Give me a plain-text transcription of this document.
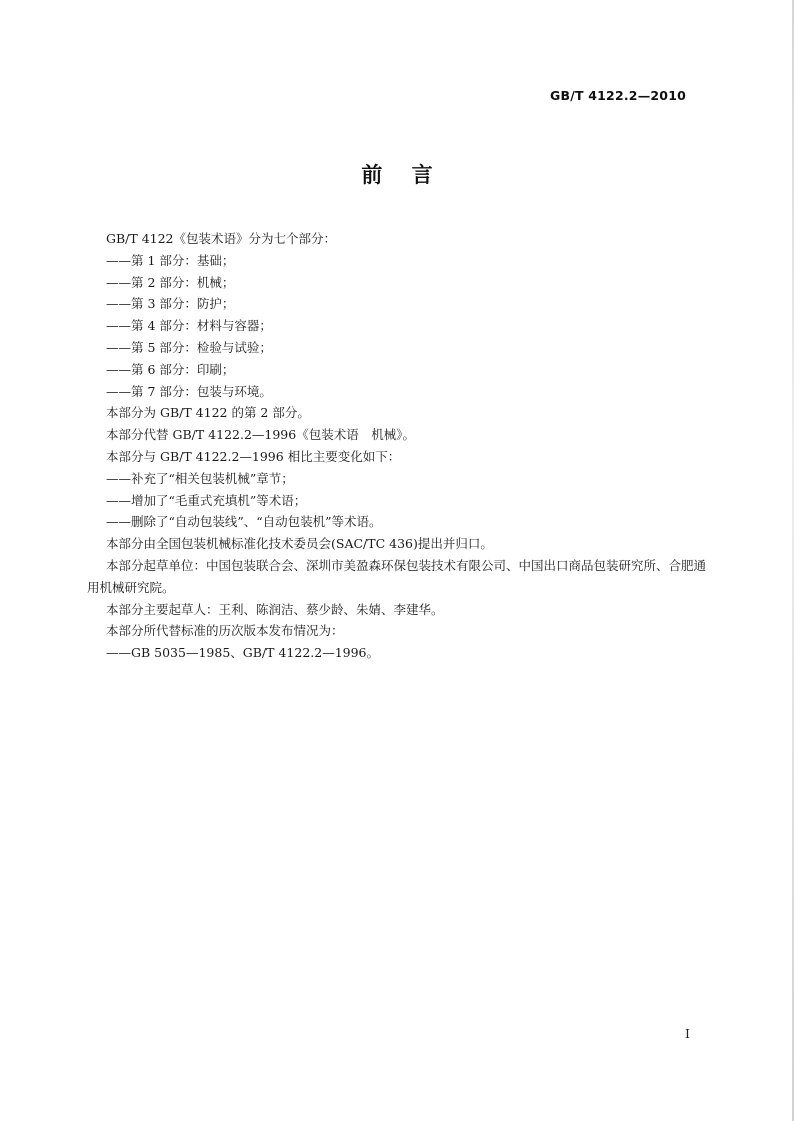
GB/T 4122.2—2010
前 言
GB/T 4122《包装术语》分为七个部分：
——第 1 部分：基础；
——第 2 部分：机械；
——第 3 部分：防护；
——第 4 部分：材料与容器；
——第 5 部分：检验与试验；
——第 6 部分：印刷；
——第 7 部分：包装与环境。
本部分为 GB/T 4122 的第 2 部分。
本部分代替 GB/T 4122.2—1996《包装术语　机械》。
本部分与 GB/T 4122.2—1996 相比主要变化如下：
——补充了“相关包装机械”章节；
——增加了“毛重式充填机”等术语；
——删除了“自动包装线”、“自动包装机”等术语。
本部分由全国包装机械标准化技术委员会(SAC/TC 436)提出并归口。
本部分起草单位：中国包装联合会、深圳市美盈森环保包装技术有限公司、中国出口商品包装研究所、合肥通用机械研究院。
本部分主要起草人：王利、陈润洁、蔡少龄、朱婧、李建华。
本部分所代替标准的历次版本发布情况为：
——GB 5035—1985、GB/T 4122.2—1996。
I
